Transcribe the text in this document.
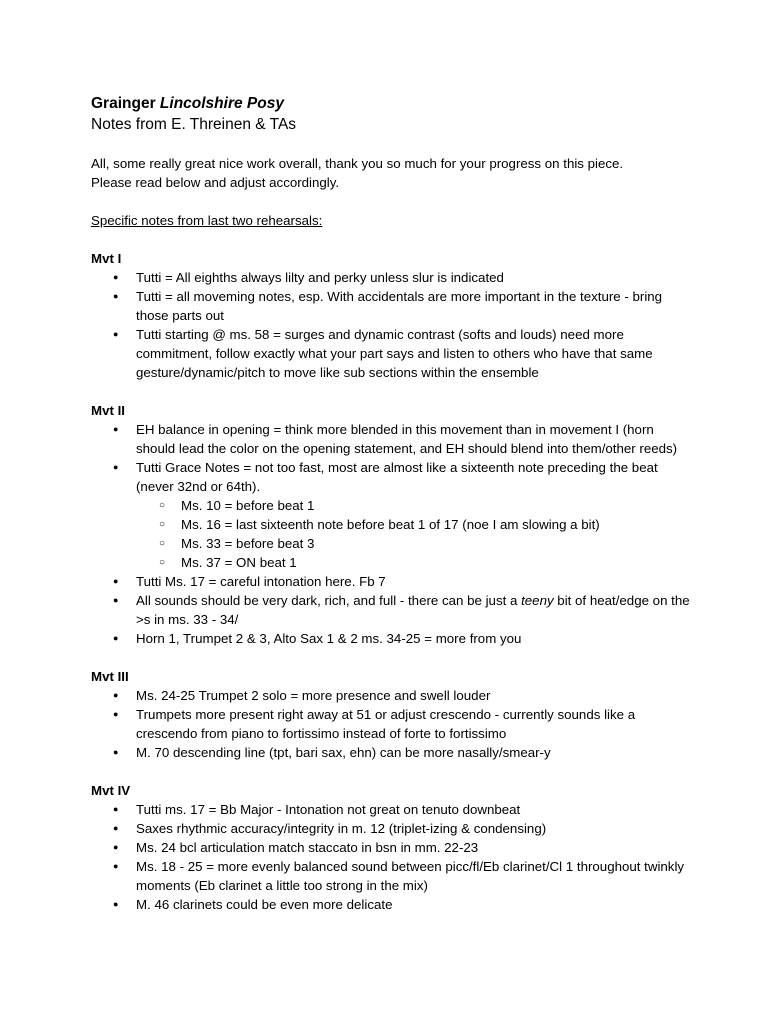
Grainger Lincolshire Posy

Notes from E. Threinen & TAs

All, some really great nice work overall, thank you so much for your progress on this piece.
Please read below and adjust accordingly.

Specific notes from last two rehearsals:

Mvt I

● Tutti = All eighths always lilty and perky unless slur is indicated
● Tutti = all moveming notes, esp. With accidentals are more important in the texture - bring those parts out
● Tutti starting @ ms. 58 = surges and dynamic contrast (softs and louds) need more commitment, follow exactly what your part says and listen to others who have that same gesture/dynamic/pitch to move like sub sections within the ensemble

Mvt II

● EH balance in opening = think more blended in this movement than in movement I (horn should lead the color on the opening statement, and EH should blend into them/other reeds)
● Tutti Grace Notes = not too fast, most are almost like a sixteenth note preceding the beat (never 32nd or 64th).
○ Ms. 10 = before beat 1
○ Ms. 16 = last sixteenth note before beat 1 of 17 (noe I am slowing a bit)
○ Ms. 33 = before beat 3
○ Ms. 37 = ON beat 1
● Tutti Ms. 17 = careful intonation here. Fb 7
● All sounds should be very dark, rich, and full - there can be just a teeny bit of heat/edge on the >s in ms. 33 - 34/
● Horn 1, Trumpet 2 & 3, Alto Sax 1 & 2 ms. 34-25 = more from you

Mvt III

● Ms. 24-25 Trumpet 2 solo = more presence and swell louder
● Trumpets more present right away at 51 or adjust crescendo - currently sounds like a crescendo from piano to fortissimo instead of forte to fortissimo
● M. 70 descending line (tpt, bari sax, ehn) can be more nasally/smear-y

Mvt IV

● Tutti ms. 17 = Bb Major - Intonation not great on tenuto downbeat
● Saxes rhythmic accuracy/integrity in m. 12 (triplet-izing & condensing)
● Ms. 24 bcl articulation match staccato in bsn in mm. 22-23
● Ms. 18 - 25 = more evenly balanced sound between picc/fl/Eb clarinet/Cl 1 throughout twinkly moments (Eb clarinet a little too strong in the mix)
● M. 46 clarinets could be even more delicate
